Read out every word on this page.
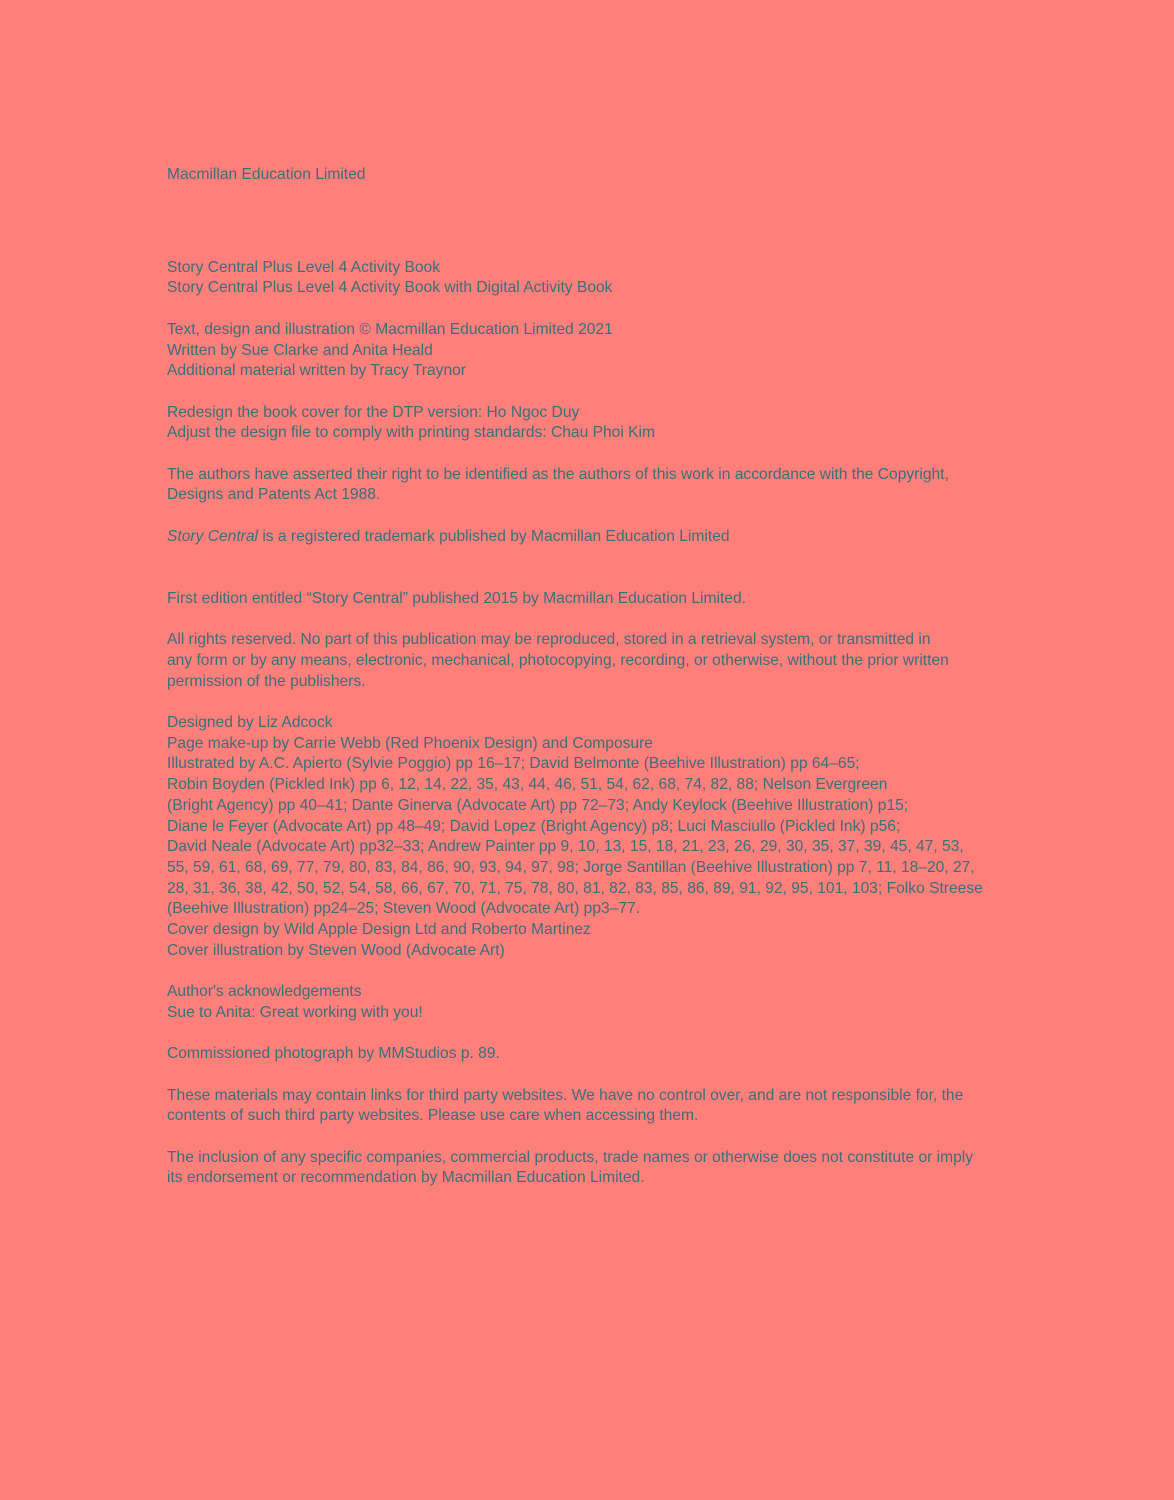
Macmillan Education Limited
Story Central Plus Level 4 Activity Book
Story Central Plus Level 4 Activity Book with Digital Activity Book
Text, design and illustration © Macmillan Education Limited 2021
Written by Sue Clarke and Anita Heald
Additional material written by Tracy Traynor
Redesign the book cover for the DTP version: Ho Ngoc Duy
Adjust the design file to comply with printing standards: Chau Phoi Kim
The authors have asserted their right to be identified as the authors of this work in accordance with the Copyright,
Designs and Patents Act 1988.
Story Central is a registered trademark published by Macmillan Education Limited
First edition entitled “Story Central” published 2015 by Macmillan Education Limited.
All rights reserved. No part of this publication may be reproduced, stored in a retrieval system, or transmitted in
any form or by any means, electronic, mechanical, photocopying, recording, or otherwise, without the prior written
permission of the publishers.
Designed by Liz Adcock
Page make-up by Carrie Webb (Red Phoenix Design) and Composure
Illustrated by A.C. Apierto (Sylvie Poggio) pp 16–17; David Belmonte (Beehive Illustration) pp 64–65;
Robin Boyden (Pickled Ink) pp 6, 12, 14, 22, 35, 43, 44, 46, 51, 54, 62, 68, 74, 82, 88; Nelson Evergreen
(Bright Agency) pp 40–41; Dante Ginerva (Advocate Art) pp 72–73; Andy Keylock (Beehive Illustration) p15;
Diane le Feyer (Advocate Art) pp 48–49; David Lopez (Bright Agency) p8; Luci Masciullo (Pickled Ink) p56;
David Neale (Advocate Art) pp32–33; Andrew Painter pp 9, 10, 13, 15, 18, 21, 23, 26, 29, 30, 35, 37, 39, 45, 47, 53,
55, 59, 61, 68, 69, 77, 79, 80, 83, 84, 86, 90, 93, 94, 97, 98; Jorge Santillan (Beehive Illustration) pp 7, 11, 18–20, 27,
28, 31, 36, 38, 42, 50, 52, 54, 58, 66, 67, 70, 71, 75, 78, 80, 81, 82, 83, 85, 86, 89, 91, 92, 95, 101, 103; Folko Streese
(Beehive Illustration) pp24–25; Steven Wood (Advocate Art) pp3–77.
Cover design by Wild Apple Design Ltd and Roberto Martinez
Cover illustration by Steven Wood (Advocate Art)
Author's acknowledgements
Sue to Anita: Great working with you!
Commissioned photograph by MMStudios p. 89.
These materials may contain links for third party websites. We have no control over, and are not responsible for, the
contents of such third party websites. Please use care when accessing them.
The inclusion of any specific companies, commercial products, trade names or otherwise does not constitute or imply
its endorsement or recommendation by Macmillan Education Limited.
